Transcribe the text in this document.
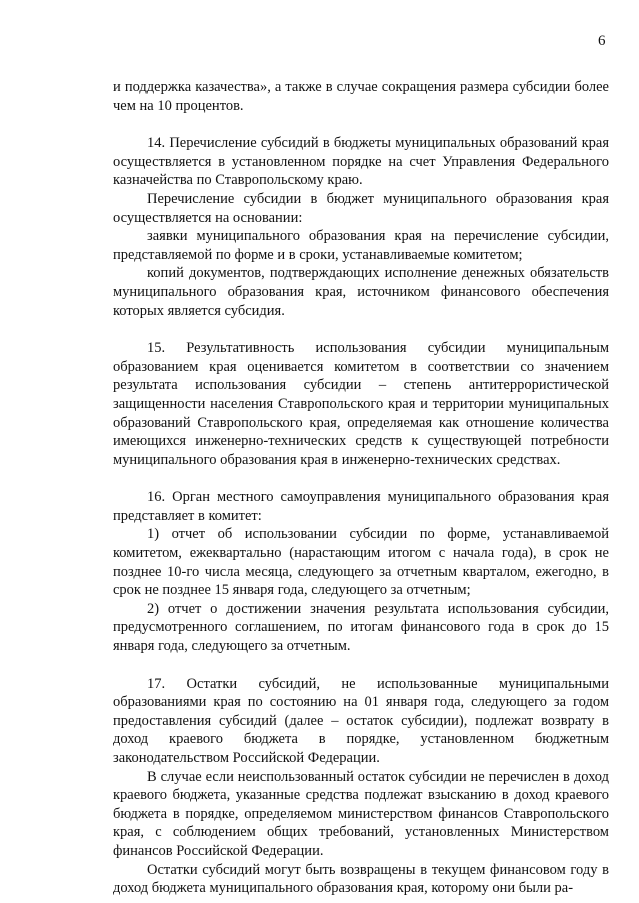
6

и поддержка казачества», а также в случае сокращения размера субсидии более чем на 10 процентов.

14. Перечисление субсидий в бюджеты муниципальных образований края осуществляется в установленном порядке на счет Управления Федерального казначейства по Ставропольскому краю.

Перечисление субсидии в бюджет муниципального образования края осуществляется на основании:

заявки муниципального образования края на перечисление субсидии, представляемой по форме и в сроки, устанавливаемые комитетом;

копий документов, подтверждающих исполнение денежных обязательств муниципального образования края, источником финансового обеспечения которых является субсидия.

15. Результативность использования субсидии муниципальным образованием края оценивается комитетом в соответствии со значением результата использования субсидии – степень антитеррористической защищенности населения Ставропольского края и территории муниципальных образований Ставропольского края, определяемая как отношение количества имеющихся инженерно-технических средств к существующей потребности муниципального образования края в инженерно-технических средствах.

16. Орган местного самоуправления муниципального образования края представляет в комитет:

1) отчет об использовании субсидии по форме, устанавливаемой комитетом, ежеквартально (нарастающим итогом с начала года), в срок не позднее 10-го числа месяца, следующего за отчетным кварталом, ежегодно, в срок не позднее 15 января года, следующего за отчетным;

2) отчет о достижении значения результата использования субсидии, предусмотренного соглашением, по итогам финансового года в срок до 15 января года, следующего за отчетным.

17. Остатки субсидий, не использованные муниципальными образованиями края по состоянию на 01 января года, следующего за годом предоставления субсидий (далее – остаток субсидии), подлежат возврату в доход краевого бюджета в порядке, установленном бюджетным законодательством Российской Федерации.

В случае если неиспользованный остаток субсидии не перечислен в доход краевого бюджета, указанные средства подлежат взысканию в доход краевого бюджета в порядке, определяемом министерством финансов Ставропольского края, с соблюдением общих требований, установленных Министерством финансов Российской Федерации.

Остатки субсидий могут быть возвращены в текущем финансовом году в доход бюджета муниципального образования края, которому они были ра-
